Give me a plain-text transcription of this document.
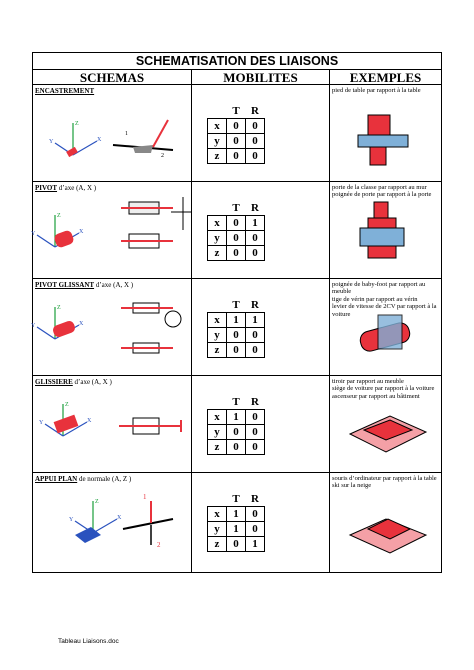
SCHEMATISATION DES LIAISONS
SCHEMAS	MOBILITES	EXEMPLES
ENCASTREMENT
Z
X
Y
1
2
	T	R
x	0	0
y	0	0
z	0	0
pied de table par rapport à la table
PIVOT d’axe (A, X )
Z
X
Y
	T	R
x	0	1
y	0	0
z	0	0
porte de la classe par rapport au mur
poignée de porte par rapport à la porte
PIVOT GLISSANT d’axe (A, X )
Z
X
Y
	T	R
x	1	1
y	0	0
z	0	0
poignée de baby-foot par rapport au meuble
tige de vérin par rapport au vérin
levier de vitesse de 2CV par rapport à la voiture
GLISSIERE d’axe (A, X )
Z
X
Y
	T	R
x	1	0
y	0	0
z	0	0
tiroir par rapport au meuble
siège de voiture par rapport à la voiture
ascenseur par rapport au bâtiment
APPUI PLAN de normale (A, Z )
Z
X
Y
1
2
	T	R
x	1	0
y	1	0
z	0	1
souris d’ordinateur par rapport à la table
ski sur la neige
Tableau Liaisons.doc
